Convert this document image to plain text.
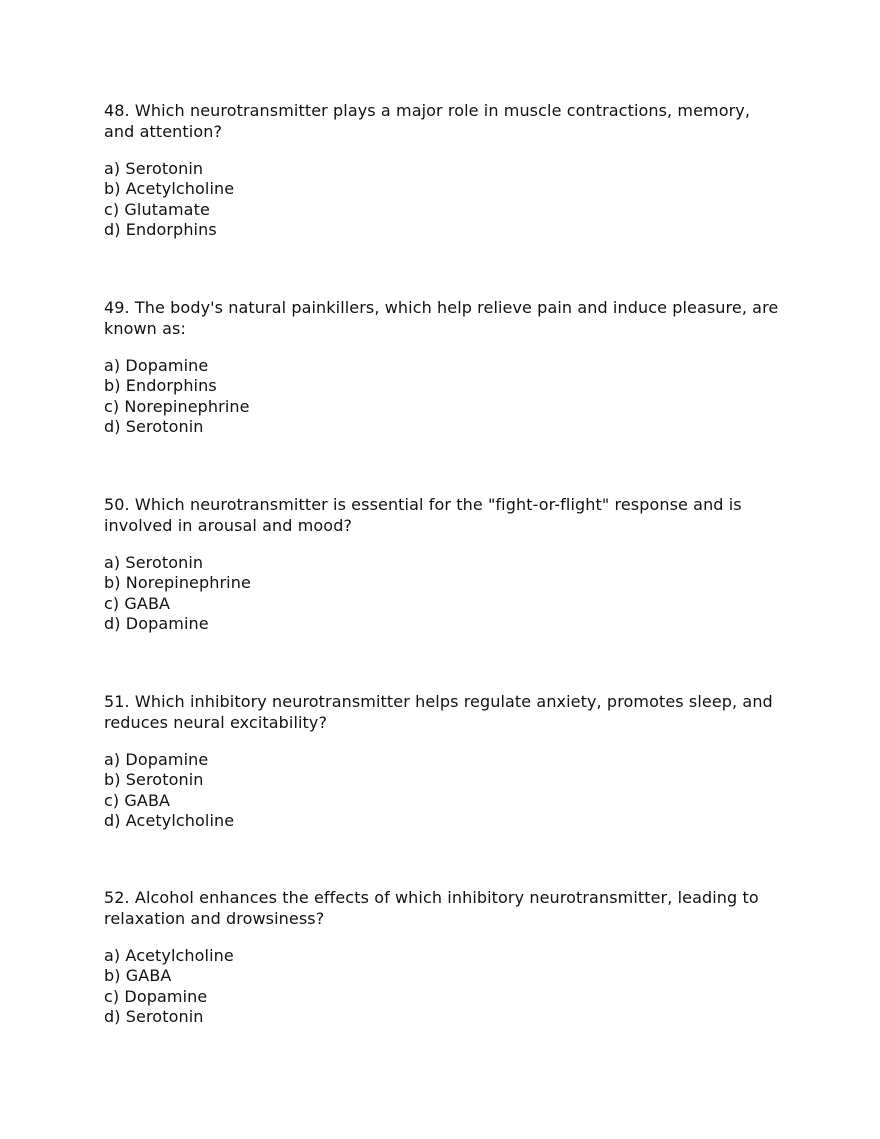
48. Which neurotransmitter plays a major role in muscle contractions, memory, and attention?

a) Serotonin
b) Acetylcholine
c) Glutamate
d) Endorphins

49. The body's natural painkillers, which help relieve pain and induce pleasure, are known as:

a) Dopamine
b) Endorphins
c) Norepinephrine
d) Serotonin

50. Which neurotransmitter is essential for the "fight-or-flight" response and is involved in arousal and mood?

a) Serotonin
b) Norepinephrine
c) GABA
d) Dopamine

51. Which inhibitory neurotransmitter helps regulate anxiety, promotes sleep, and reduces neural excitability?

a) Dopamine
b) Serotonin
c) GABA
d) Acetylcholine

52. Alcohol enhances the effects of which inhibitory neurotransmitter, leading to relaxation and drowsiness?

a) Acetylcholine
b) GABA
c) Dopamine
d) Serotonin
